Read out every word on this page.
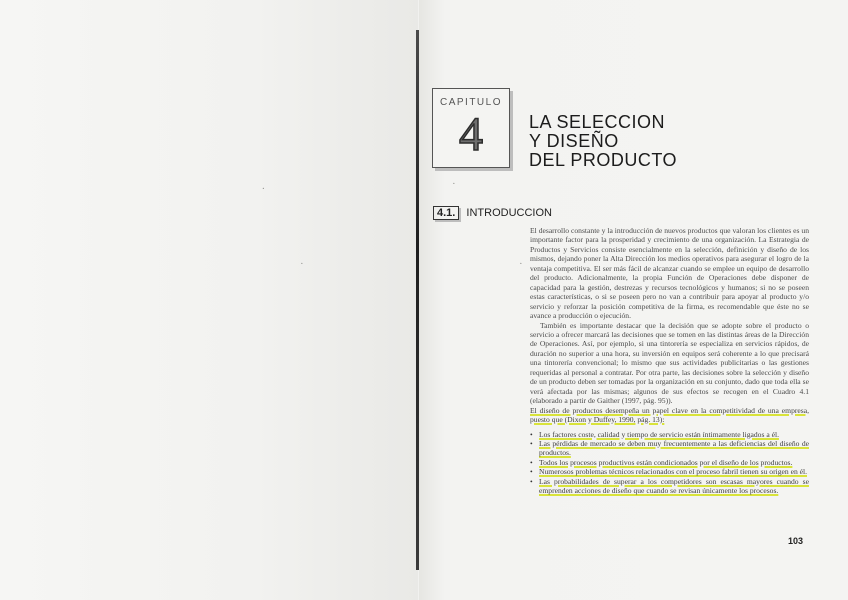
.
·	·
·
CAPITULO
4	LA SELECCION
Y DISEÑO
DEL PRODUCTO
4.1. INTRODUCCION

El desarrollo constante y la introducción de nuevos productos que valoran los clientes es un importante factor para la prosperidad y crecimiento de una organización. La Estrategia de Productos y Servicios consiste esencialmente en la selección, definición y diseño de los mismos, dejando poner la Alta Dirección los medios operativos para asegurar el logro de la ventaja competitiva. El ser más fácil de alcanzar cuando se emplee un equipo de desarrollo del producto. Adicionalmente, la propia Función de Operaciones debe disponer de capacidad para la gestión, destrezas y recursos tecnológicos y humanos; si no se poseen estas características, o si se poseen pero no van a contribuir para apoyar al producto y/o servicio y reforzar la posición competitiva de la firma, es recomendable que éste no se avance a producción o ejecución.

También es importante destacar que la decisión que se adopte sobre el producto o servicio a ofrecer marcará las decisiones que se tomen en las distintas áreas de la Dirección de Operaciones. Así, por ejemplo, si una tintorería se especializa en servicios rápidos, de duración no superior a una hora, su inversión en equipos será coherente a lo que precisará una tintorería convencional; lo mismo que sus actividades publicitarias o las gestiones requeridas al personal a contratar. Por otra parte, las decisiones sobre la selección y diseño de un producto deben ser tomadas por la organización en su conjunto, dado que toda ella se verá afectada por las mismas; algunos de sus efectos se recogen en el Cuadro 4.1 (elaborado a partir de Gaither (1997, pág. 95)).

El diseño de productos desempeña un papel clave en la competitividad de una empresa, puesto que (Dixon y Duffey, 1990, pág. 13):

• Los factores coste, calidad y tiempo de servicio están íntimamente ligados a él.
• Las pérdidas de mercado se deben muy frecuentemente a las deficiencias del diseño de productos.
• Todos los procesos productivos están condicionados por el diseño de los productos.
• Numerosos problemas técnicos relacionados con el proceso fabril tienen su origen en él.
• Las probabilidades de superar a los competidores son escasas mayores cuando se emprenden acciones de diseño que cuando se revisan únicamente los procesos.
103
